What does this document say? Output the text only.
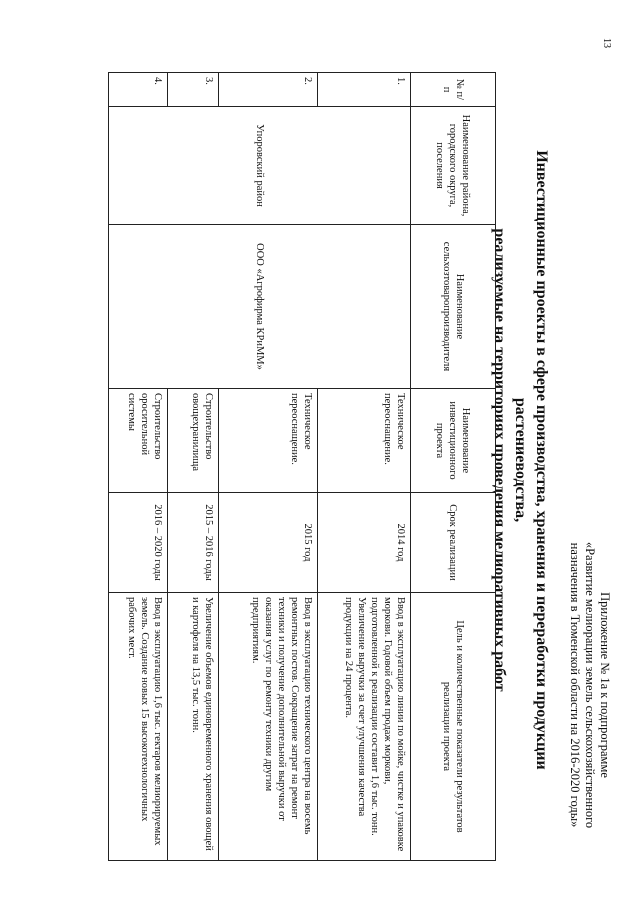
13
Приложение № 1а к подпрограмме
«Развитие мелиорации земель сельскохозяйственного
назначения в Тюменской области на 2016-2020 годы»
Инвестиционные проекты в сфере производства, хранения и переработки продукции растениеводства,
реализуемые на территориях проведения мелиоративных работ
№ п/п	Наименование района, городского округа, поселения	Наименование сельхозтоваропроизводителя	Наименование инвестиционного проекта	Срок реализации	Цель и количественные показатели результатов реализации проекта
1.	Упоровский район	ООО «Агрофирма КРиММ»	Техническое переоснащение.	2014 год	Ввод в эксплуатацию линии по мойке, чистке и упаковке моркови. Годовой объем продаж моркови, подготовленной к реализации составит 1,6 тыс. тонн. Увеличение выручки за счет улучшения качества продукции на 24 процента.
2.			Техническое переоснащение.	2015 год	Ввод в эксплуатацию технического центра на восемь ремонтных постов. Сокращение затрат на ремонт техники и получение дополнительной выручки от оказания услуг по ремонту техники другим предприятиям.
3.			Строительство овощехранилища	2015 – 2016 годы	Увеличение объемов единовременного хранения овощей и картофеля на 13,5 тыс. тонн.
4.			Строительство оросительной системы	2016 – 2020 годы	Ввод в эксплуатацию 1,6 тыс. гектаров мелиорируемых земель. Создание новых 15 высокотехнологичных рабочих мест.
